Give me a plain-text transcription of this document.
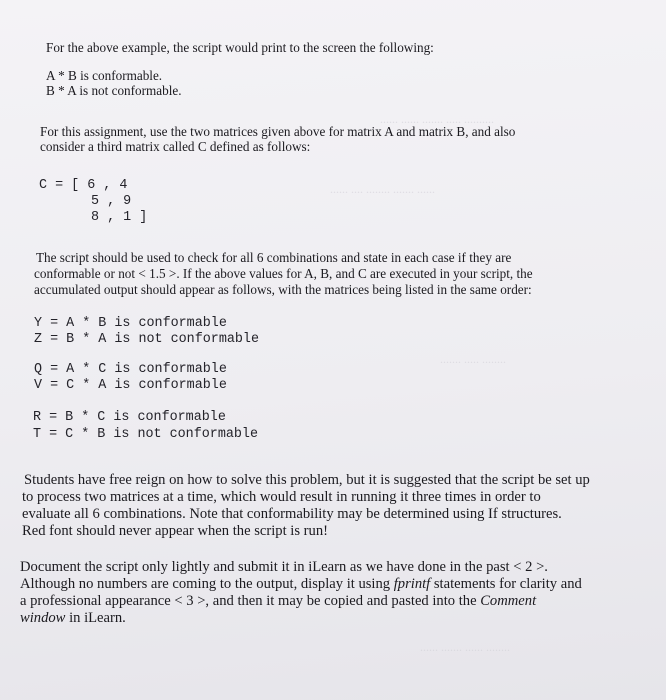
.......... ..... ....... ...... ......
...... ....... ........ .... ......
........ ..... .......
........ ...... ....... ......
For the above example, the script would print to the screen the following:
A * B is conformable.
B * A is not conformable.
For this assignment, use the two matrices given above for matrix A and matrix B, and also
consider a third matrix called C defined as follows:
C = [ 6 , 4
5 , 9
8 , 1 ]
The script should be used to check for all 6 combinations and state in each case if they are
conformable or not < 1.5 >. If the above values for A, B, and C are executed in your script, the
accumulated output should appear as follows, with the matrices being listed in the same order:
Y = A * B is conformable
Z = B * A is not conformable
Q = A * C is conformable
V = C * A is conformable
R = B * C is conformable
T = C * B is not conformable
Students have free reign on how to solve this problem, but it is suggested that the script be set up
to process two matrices at a time, which would result in running it three times in order to
evaluate all 6 combinations. Note that conformability may be determined using If structures.
Red font should never appear when the script is run!
Document the script only lightly and submit it in iLearn as we have done in the past < 2 >.
Although no numbers are coming to the output, display it using fprintf statements for clarity and
a professional appearance < 3 >, and then it may be copied and pasted into the Comment
window in iLearn.
